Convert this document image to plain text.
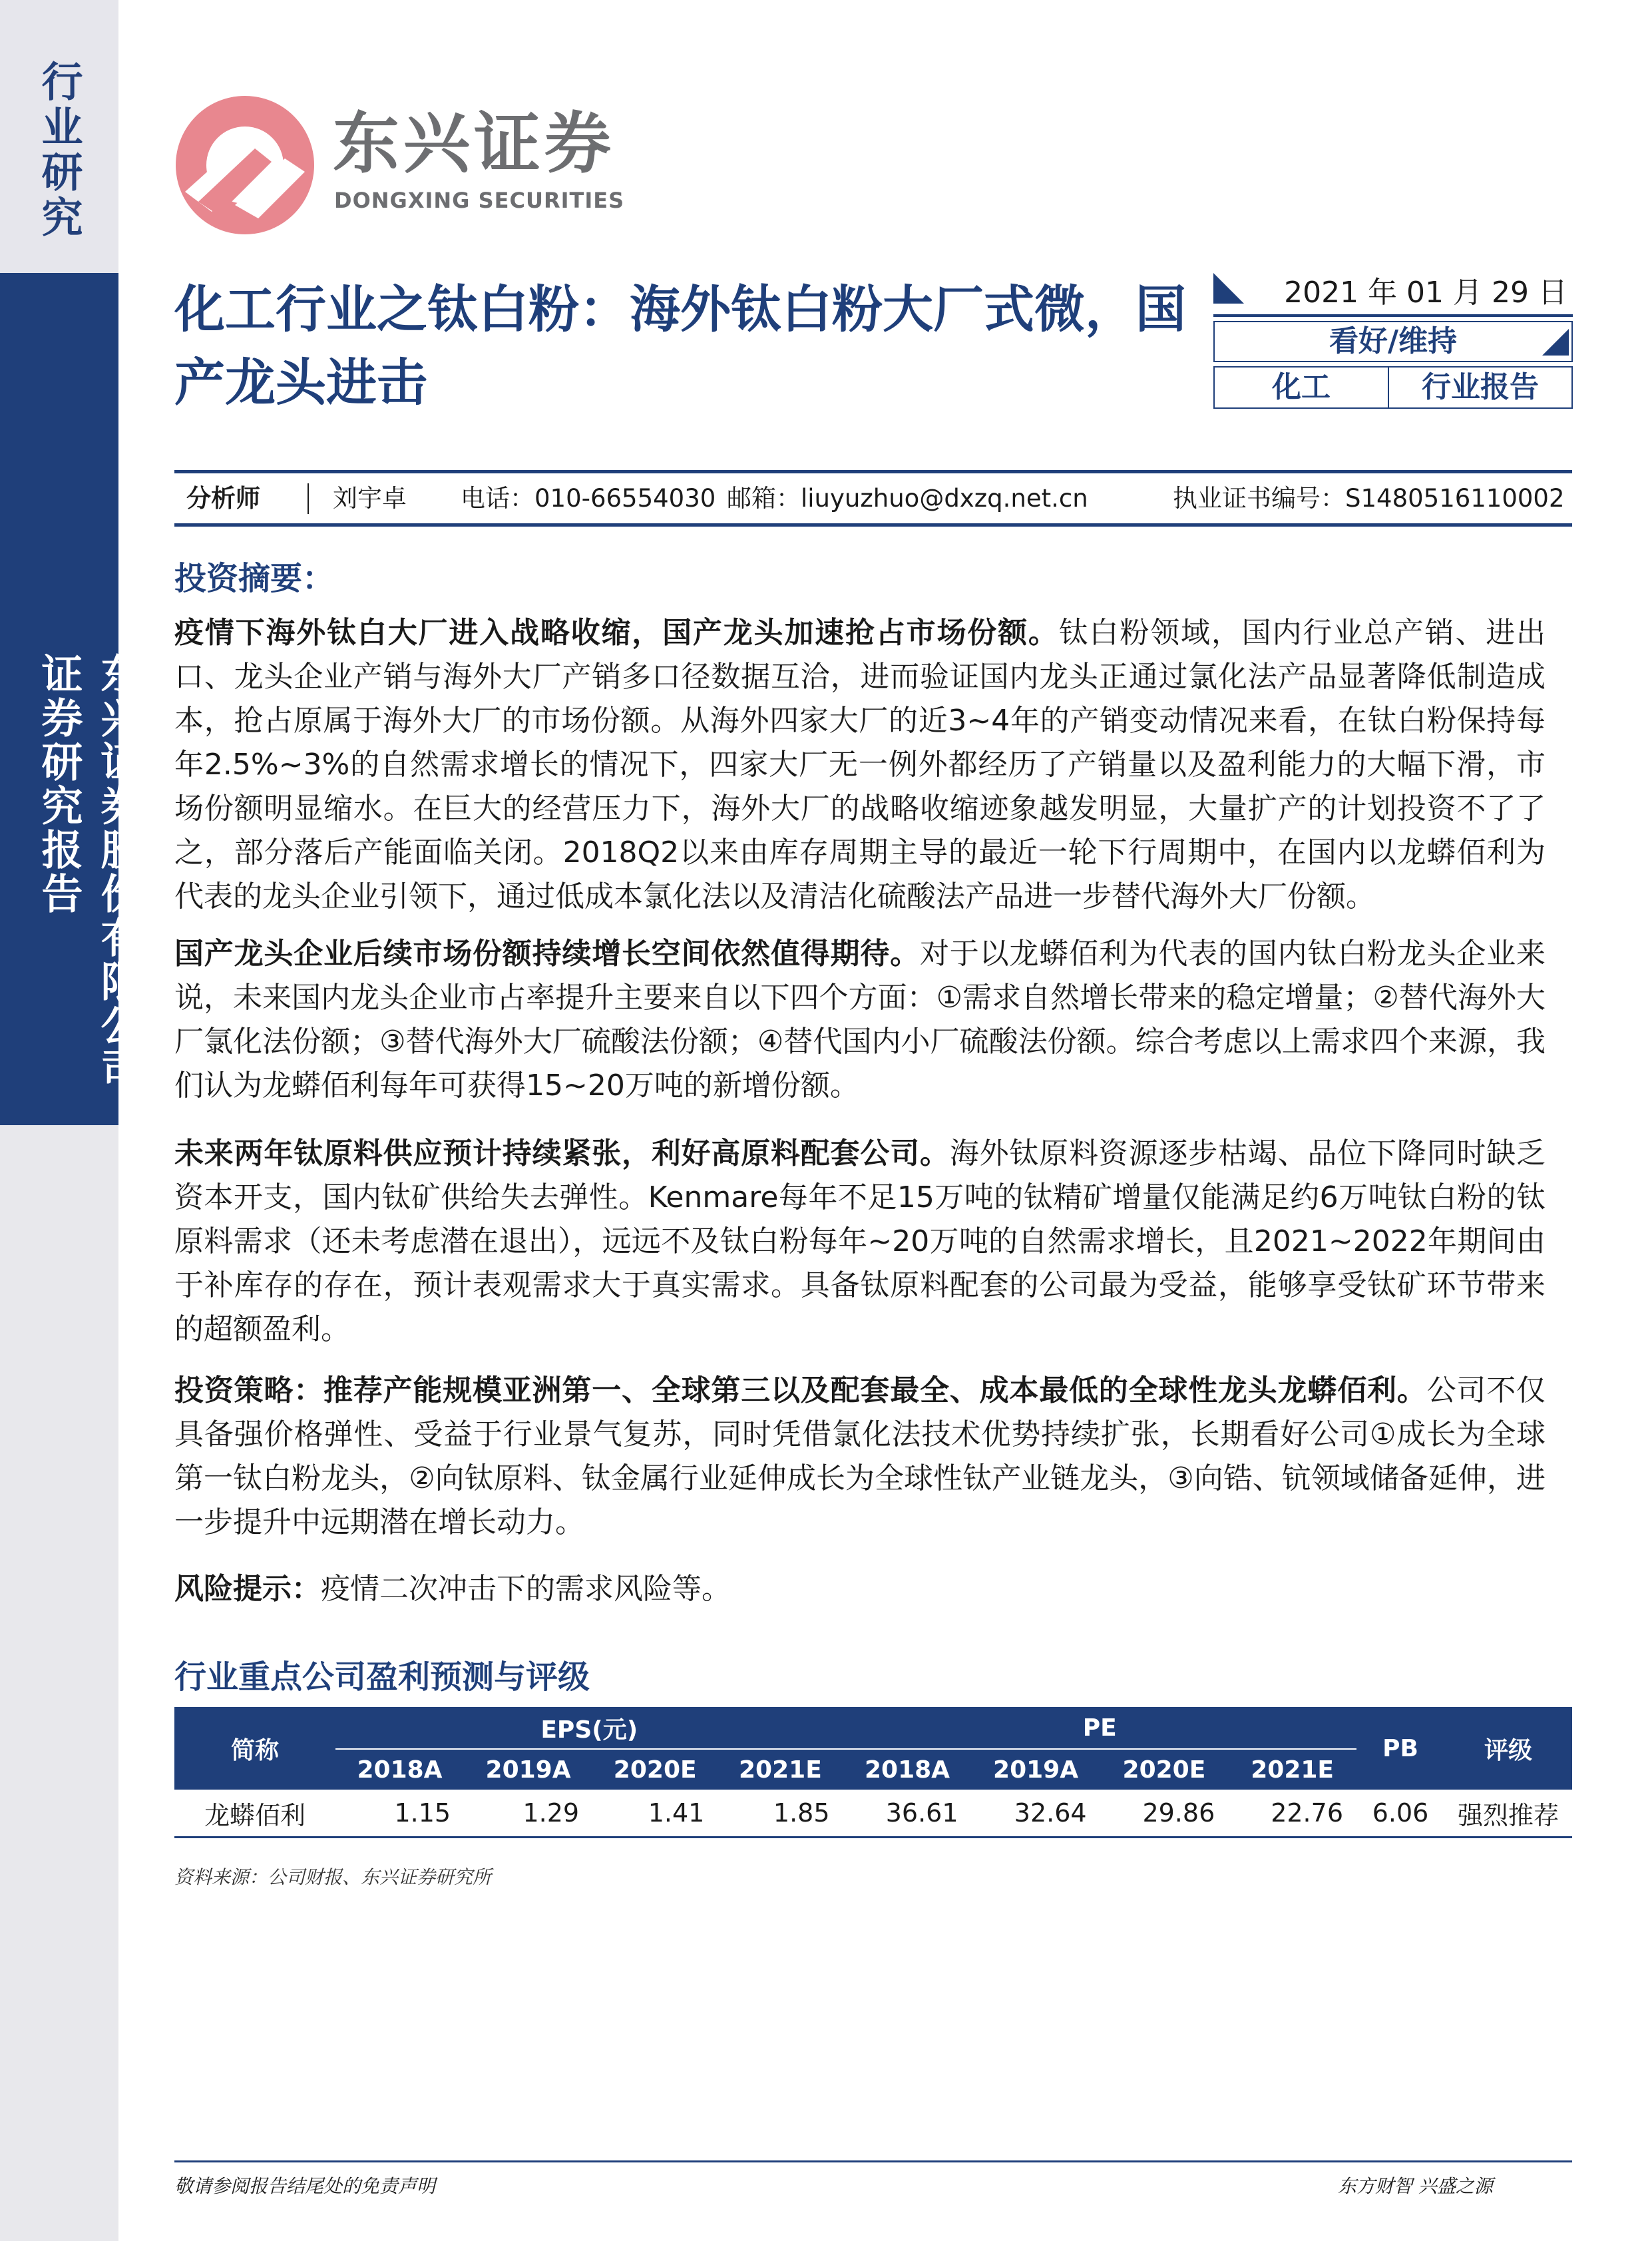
行业研究
东兴证券股份有限公司证券研究报告
东兴证券
DONGXING SECURITIES
化工行业之钛白粉：海外钛白粉大厂式微，国产龙头进击
2021 年 01 月 29 日
看好/维持
化工	行业报告
分析师	刘宇卓 电话：010-66554030 邮箱：liuyuzhuo@dxzq.net.cn	执业证书编号：S1480516110002
投资摘要：
疫情下海外钛白大厂进入战略收缩，国产龙头加速抢占市场份额。钛白粉领域，国内行业总产销、进出口、龙头企业产销与海外大厂产销多口径数据互洽，进而验证国内龙头正通过氯化法产品显著降低制造成本，抢占原属于海外大厂的市场份额。从海外四家大厂的近3~4年的产销变动情况来看，在钛白粉保持每年2.5%~3%的自然需求增长的情况下，四家大厂无一例外都经历了产销量以及盈利能力的大幅下滑，市场份额明显缩水。在巨大的经营压力下，海外大厂的战略收缩迹象越发明显，大量扩产的计划投资不了了之，部分落后产能面临关闭。2018Q2以来由库存周期主导的最近一轮下行周期中，在国内以龙蟒佰利为代表的龙头企业引领下，通过低成本氯化法以及清洁化硫酸法产品进一步替代海外大厂份额。
国产龙头企业后续市场份额持续增长空间依然值得期待。对于以龙蟒佰利为代表的国内钛白粉龙头企业来说，未来国内龙头企业市占率提升主要来自以下四个方面：①需求自然增长带来的稳定增量；②替代海外大厂氯化法份额；③替代海外大厂硫酸法份额；④替代国内小厂硫酸法份额。综合考虑以上需求四个来源，我们认为龙蟒佰利每年可获得15~20万吨的新增份额。
未来两年钛原料供应预计持续紧张，利好高原料配套公司。海外钛原料资源逐步枯竭、品位下降同时缺乏资本开支，国内钛矿供给失去弹性。Kenmare每年不足15万吨的钛精矿增量仅能满足约6万吨钛白粉的钛原料需求（还未考虑潜在退出），远远不及钛白粉每年~20万吨的自然需求增长，且2021~2022年期间由于补库存的存在，预计表观需求大于真实需求。具备钛原料配套的公司最为受益，能够享受钛矿环节带来的超额盈利。
投资策略：推荐产能规模亚洲第一、全球第三以及配套最全、成本最低的全球性龙头龙蟒佰利。公司不仅具备强价格弹性、受益于行业景气复苏，同时凭借氯化法技术优势持续扩张，长期看好公司①成长为全球第一钛白粉龙头，②向钛原料、钛金属行业延伸成长为全球性钛产业链龙头，③向锆、钪领域储备延伸，进一步提升中远期潜在增长动力。
风险提示：疫情二次冲击下的需求风险等。
行业重点公司盈利预测与评级
简称	EPS(元)				PE				PB	评级
	2018A	2019A	2020E	2021E	2018A	2019A	2020E	2021E		
龙蟒佰利	1.15	1.29	1.41	1.85	36.61	32.64	29.86	22.76	6.06	强烈推荐
资料来源：公司财报、东兴证券研究所
敬请参阅报告结尾处的免责声明	东方财智 兴盛之源
